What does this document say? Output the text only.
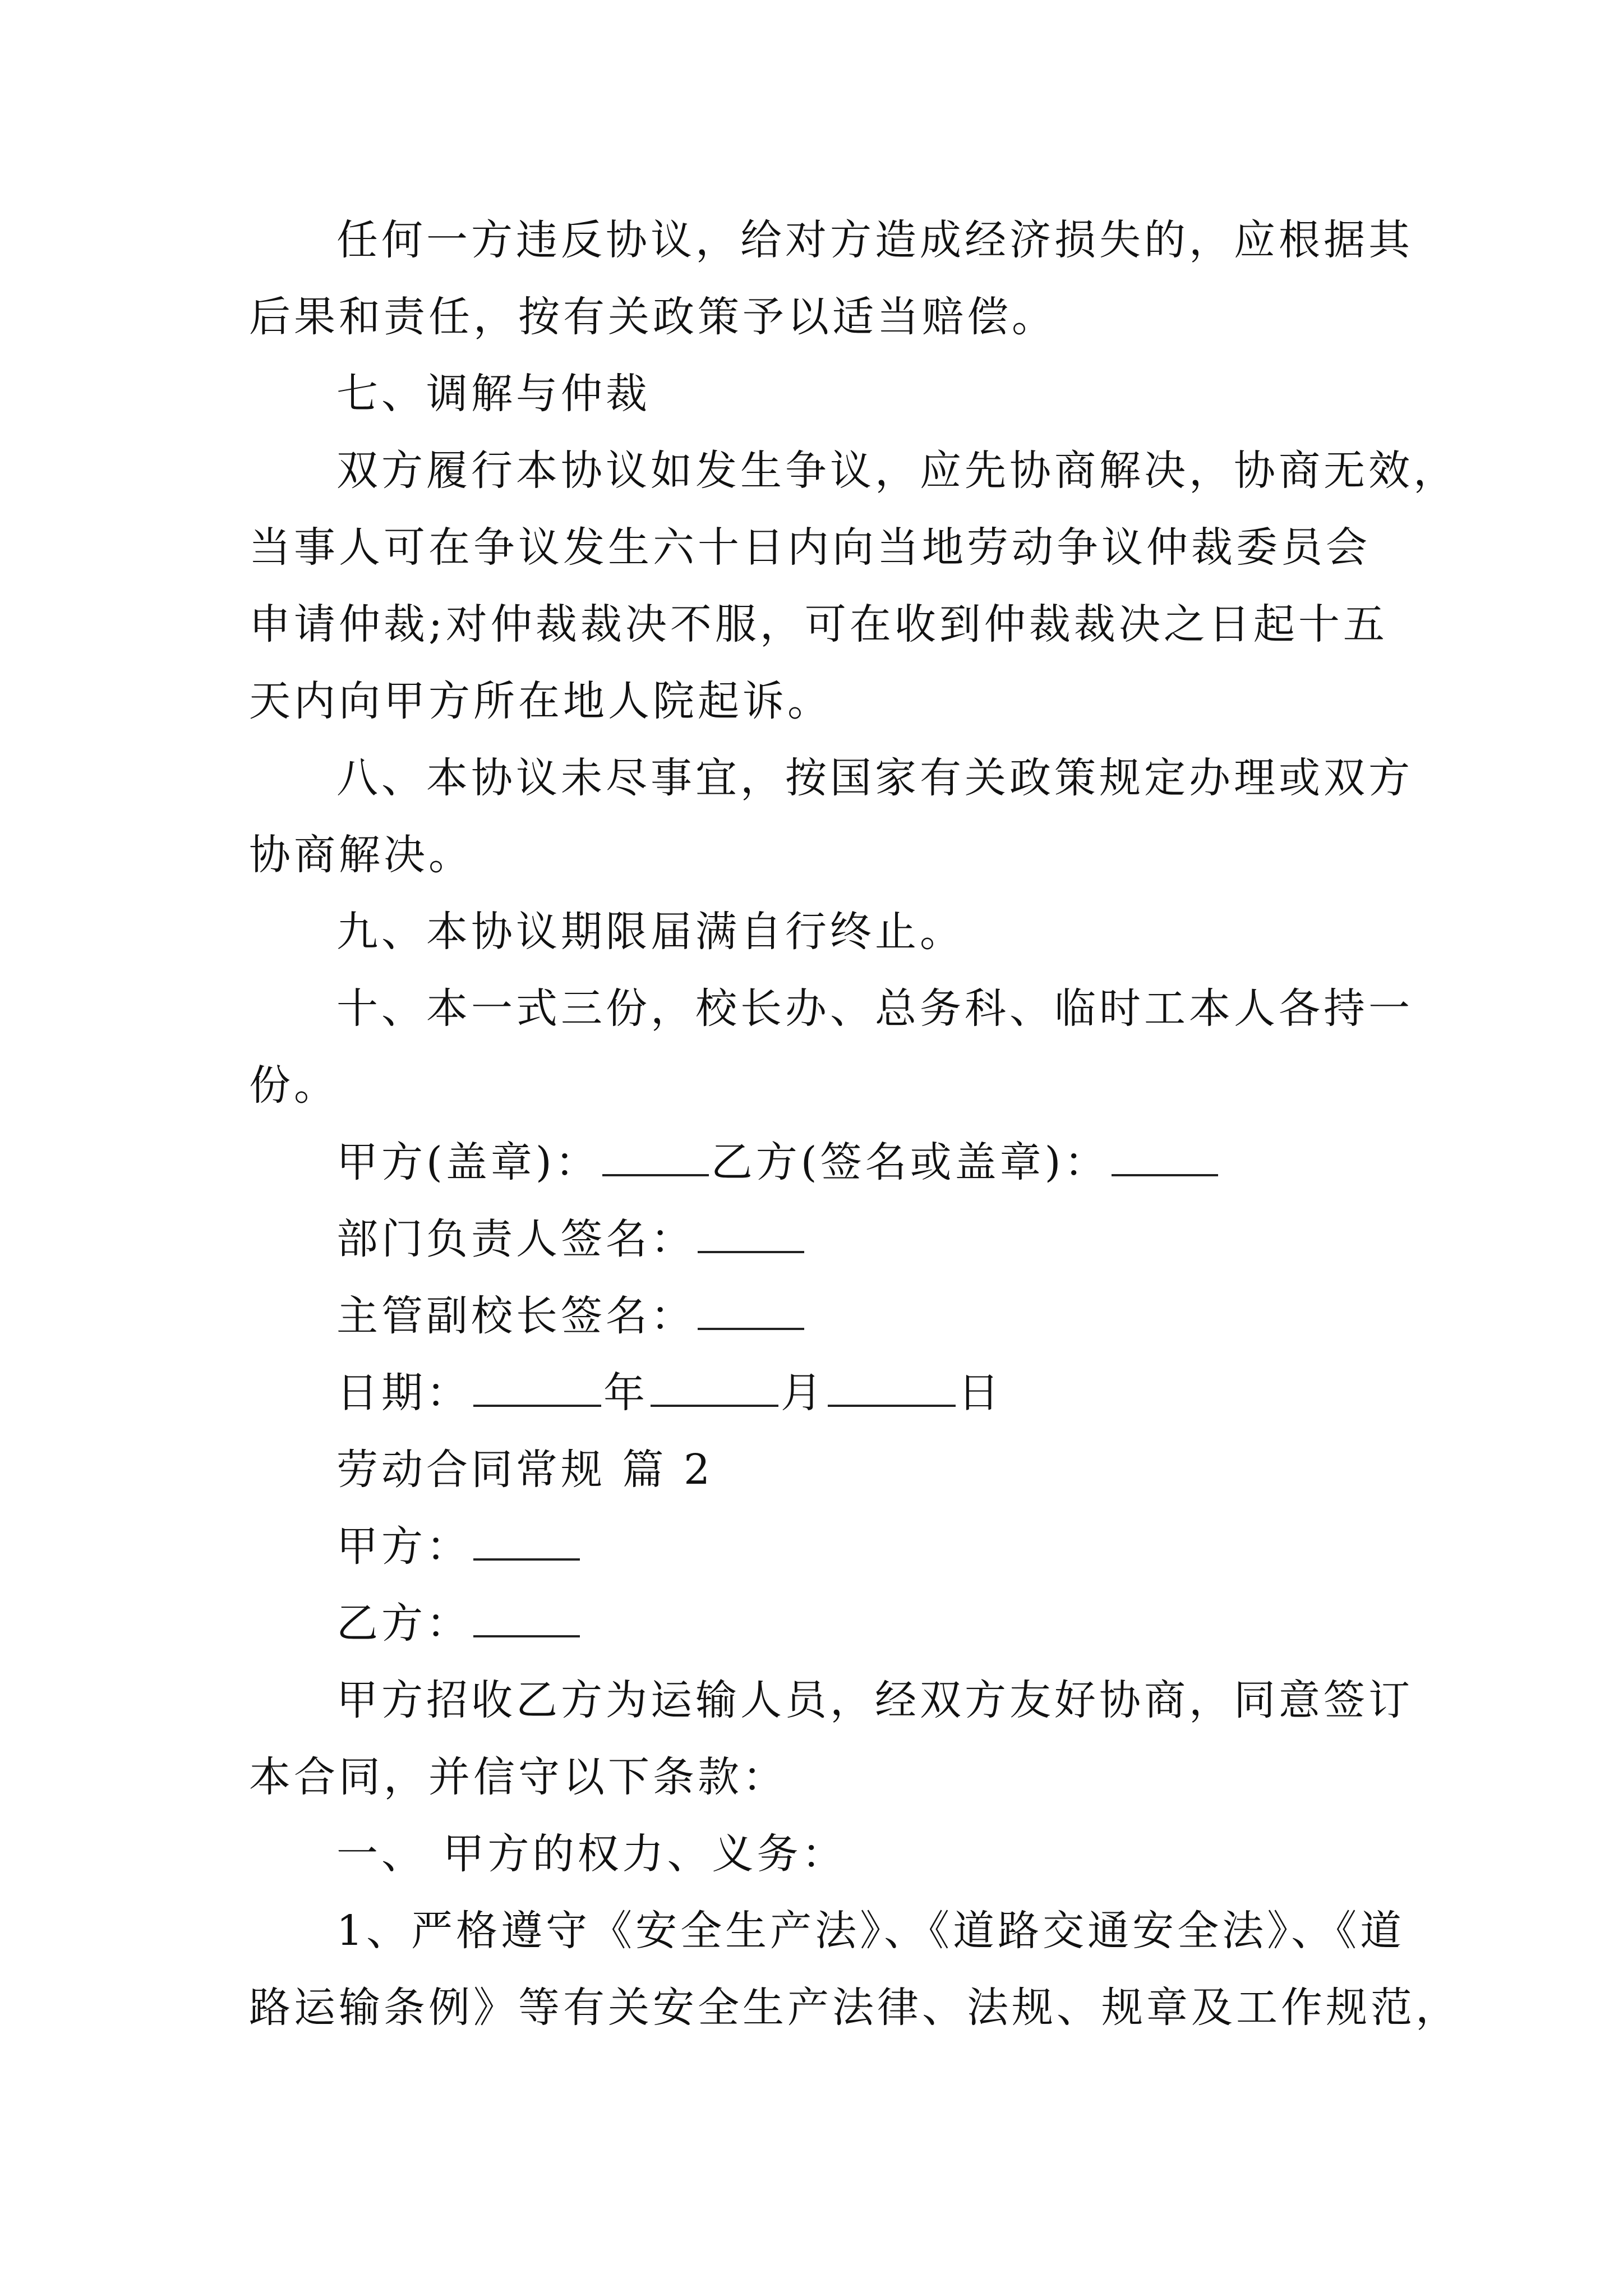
任何一方违反协议，给对方造成经济损失的，应根据其
后果和责任，按有关政策予以适当赔偿。
七、调解与仲裁
双方履行本协议如发生争议，应先协商解决，协商无效，
当事人可在争议发生六十日内向当地劳动争议仲裁委员会
申请仲裁;对仲裁裁决不服，可在收到仲裁裁决之日起十五
天内向甲方所在地人院起诉。
八、本协议未尽事宜，按国家有关政策规定办理或双方
协商解决。
九、本协议期限届满自行终止。
十、本一式三份，校长办、总务科、临时工本人各持一
份。
甲方(盖章)：	乙方(签名或盖章)：
部门负责人签名：
主管副校长签名：
日期：	年	月	日
劳动合同常规 篇 2
甲方：
乙方：
甲方招收乙方为运输人员，经双方友好协商，同意签订
本合同，并信守以下条款：
一、 甲方的权力、义务：
1、严格遵守《安全生产法》、《道路交通安全法》、《道
路运输条例》等有关安全生产法律、法规、规章及工作规范，
